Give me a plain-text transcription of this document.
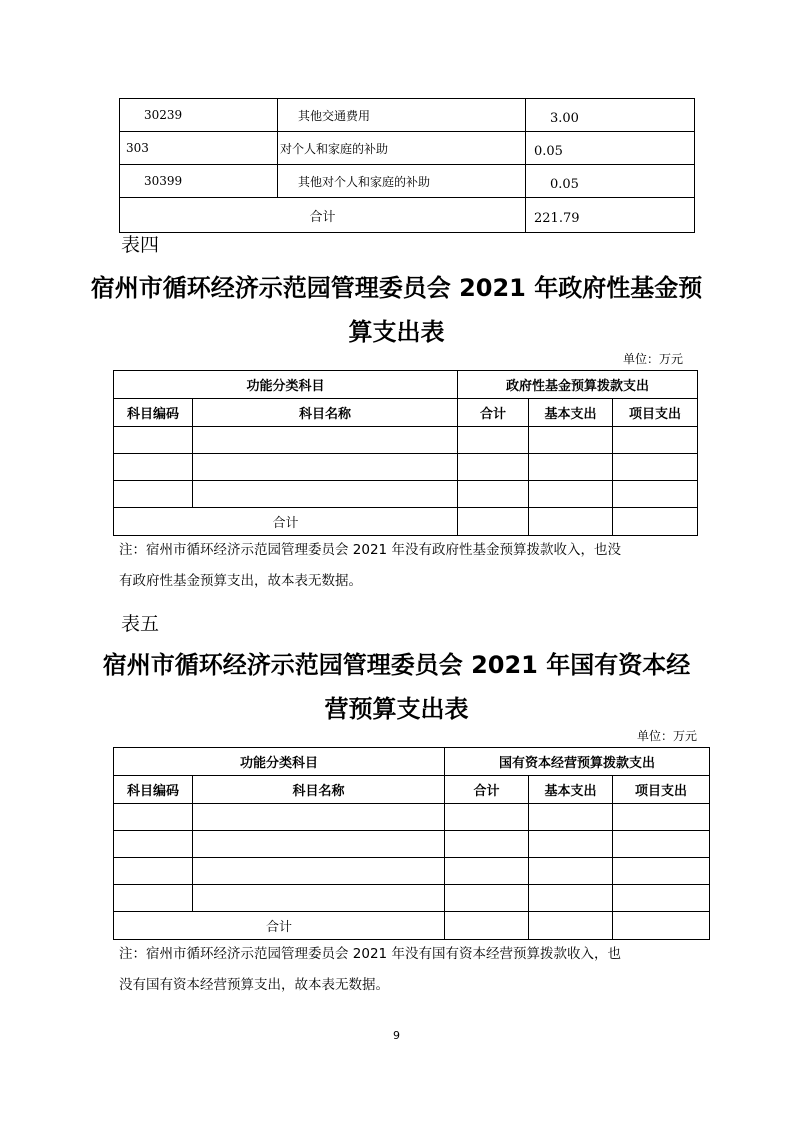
30239	其他交通费用	3.00
303	对个人和家庭的补助	0.05
30399	其他对个人和家庭的补助	0.05
合计		221.79
表四
宿州市循环经济示范园管理委员会 2021 年政府性基金预
算支出表
单位：万元
功能分类科目		政府性基金预算拨款支出		
科目编码	科目名称	合计	基本支出	项目支出

合计				
注：宿州市循环经济示范园管理委员会 2021 年没有政府性基金预算拨款收入，也没
有政府性基金预算支出，故本表无数据。
表五
宿州市循环经济示范园管理委员会 2021 年国有资本经
营预算支出表
单位：万元
功能分类科目		国有资本经营预算拨款支出		
科目编码	科目名称	合计	基本支出	项目支出

合计				
注：宿州市循环经济示范园管理委员会 2021 年没有国有资本经营预算拨款收入，也
没有国有资本经营预算支出，故本表无数据。
9
